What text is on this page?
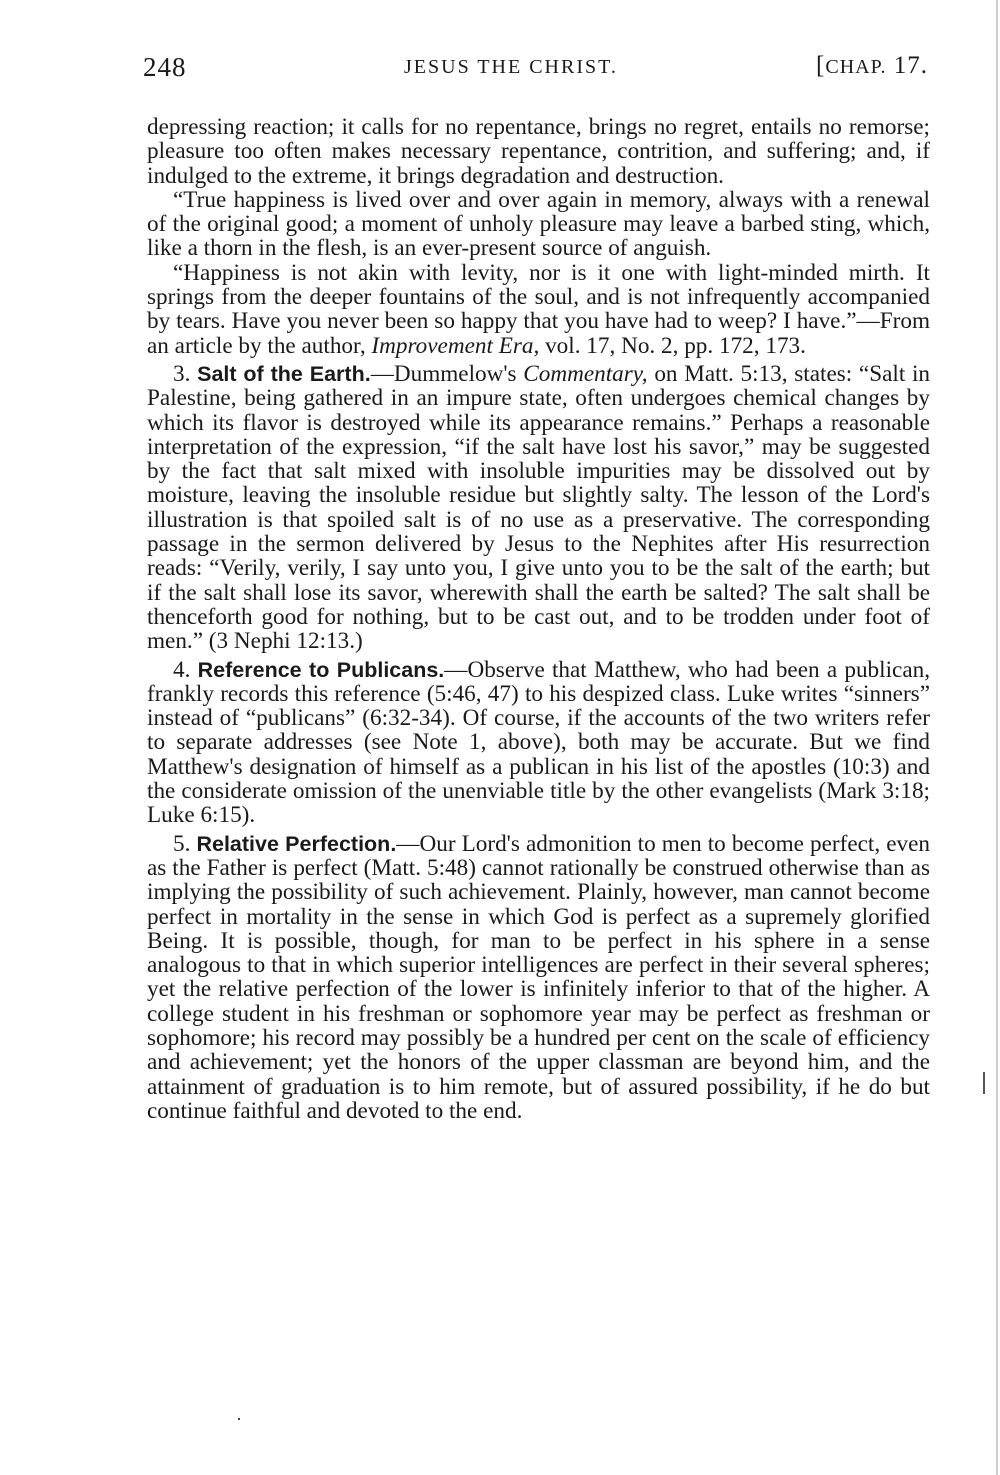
248	JESUS THE CHRIST.	[CHAP. 17.

depressing reaction; it calls for no repentance, brings no regret, entails no remorse; pleasure too often makes necessary repentance, contrition, and suffering; and, if indulged to the extreme, it brings degradation and destruction.

“True happiness is lived over and over again in memory, always with a renewal of the original good; a moment of unholy pleasure may leave a barbed sting, which, like a thorn in the flesh, is an ever-present source of anguish.

“Happiness is not akin with levity, nor is it one with light-minded mirth. It springs from the deeper fountains of the soul, and is not infrequently accompanied by tears. Have you never been so happy that you have had to weep? I have.”—From an article by the author, Improvement Era, vol. 17, No. 2, pp. 172, 173.

3. Salt of the Earth.—Dummelow's Commentary, on Matt. 5:13, states: “Salt in Palestine, being gathered in an impure state, often undergoes chemical changes by which its flavor is destroyed while its appearance remains.” Perhaps a reasonable interpretation of the expression, “if the salt have lost his savor,” may be suggested by the fact that salt mixed with insoluble impurities may be dissolved out by moisture, leaving the insoluble residue but slightly salty. The lesson of the Lord's illustration is that spoiled salt is of no use as a preservative. The corresponding passage in the sermon delivered by Jesus to the Nephites after His resurrection reads: “Verily, verily, I say unto you, I give unto you to be the salt of the earth; but if the salt shall lose its savor, wherewith shall the earth be salted? The salt shall be thenceforth good for nothing, but to be cast out, and to be trodden under foot of men.” (3 Nephi 12:13.)

4. Reference to Publicans.—Observe that Matthew, who had been a publican, frankly records this reference (5:46, 47) to his despized class. Luke writes “sinners” instead of “publicans” (6:32-34). Of course, if the accounts of the two writers refer to separate addresses (see Note 1, above), both may be accurate. But we find Matthew's designation of himself as a publican in his list of the apostles (10:3) and the considerate omission of the unenviable title by the other evangelists (Mark 3:18; Luke 6:15).

5. Relative Perfection.—Our Lord's admonition to men to become perfect, even as the Father is perfect (Matt. 5:48) cannot rationally be construed otherwise than as implying the possibility of such achievement. Plainly, however, man cannot become perfect in mortality in the sense in which God is perfect as a supremely glorified Being. It is possible, though, for man to be perfect in his sphere in a sense analogous to that in which superior intelligences are perfect in their several spheres; yet the relative perfection of the lower is infinitely inferior to that of the higher. A college student in his freshman or sophomore year may be perfect as freshman or sophomore; his record may possibly be a hundred per cent on the scale of efficiency and achievement; yet the honors of the upper classman are beyond him, and the attainment of graduation is to him remote, but of assured possibility, if he do but continue faithful and devoted to the end.
